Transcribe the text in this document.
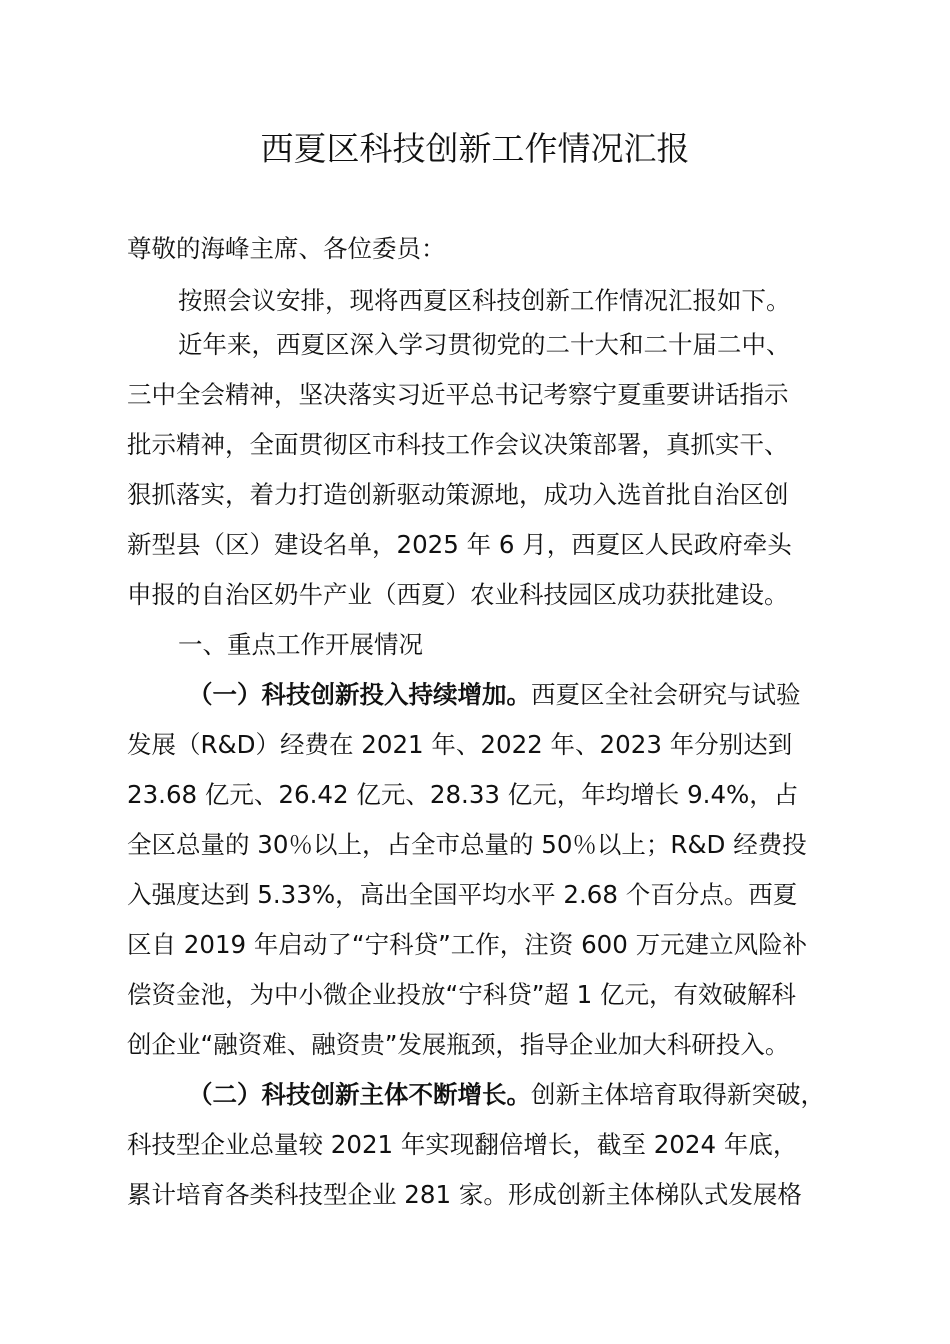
西夏区科技创新工作情况汇报
尊敬的海峰主席、各位委员：
按照会议安排，现将西夏区科技创新工作情况汇报如下。
近年来，西夏区深入学习贯彻党的二十大和二十届二中、
三中全会精神，坚决落实习近平总书记考察宁夏重要讲话指示
批示精神，全面贯彻区市科技工作会议决策部署，真抓实干、
狠抓落实，着力打造创新驱动策源地，成功入选首批自治区创
新型县（区）建设名单，2025 年 6 月，西夏区人民政府牵头
申报的自治区奶牛产业（西夏）农业科技园区成功获批建设。
一、重点工作开展情况
（一）科技创新投入持续增加。西夏区全社会研究与试验
发展（R&D）经费在 2021 年、2022 年、2023 年分别达到
23.68 亿元、26.42 亿元、28.33 亿元，年均增长 9.4%，占
全区总量的 30％以上，占全市总量的 50％以上；R&D 经费投
入强度达到 5.33%，高出全国平均水平 2.68 个百分点。西夏
区自 2019 年启动了“宁科贷”工作，注资 600 万元建立风险补
偿资金池，为中小微企业投放“宁科贷”超 1 亿元，有效破解科
创企业“融资难、融资贵”发展瓶颈，指导企业加大科研投入。
（二）科技创新主体不断增长。创新主体培育取得新突破，
科技型企业总量较 2021 年实现翻倍增长，截至 2024 年底，
累计培育各类科技型企业 281 家。形成创新主体梯队式发展格
